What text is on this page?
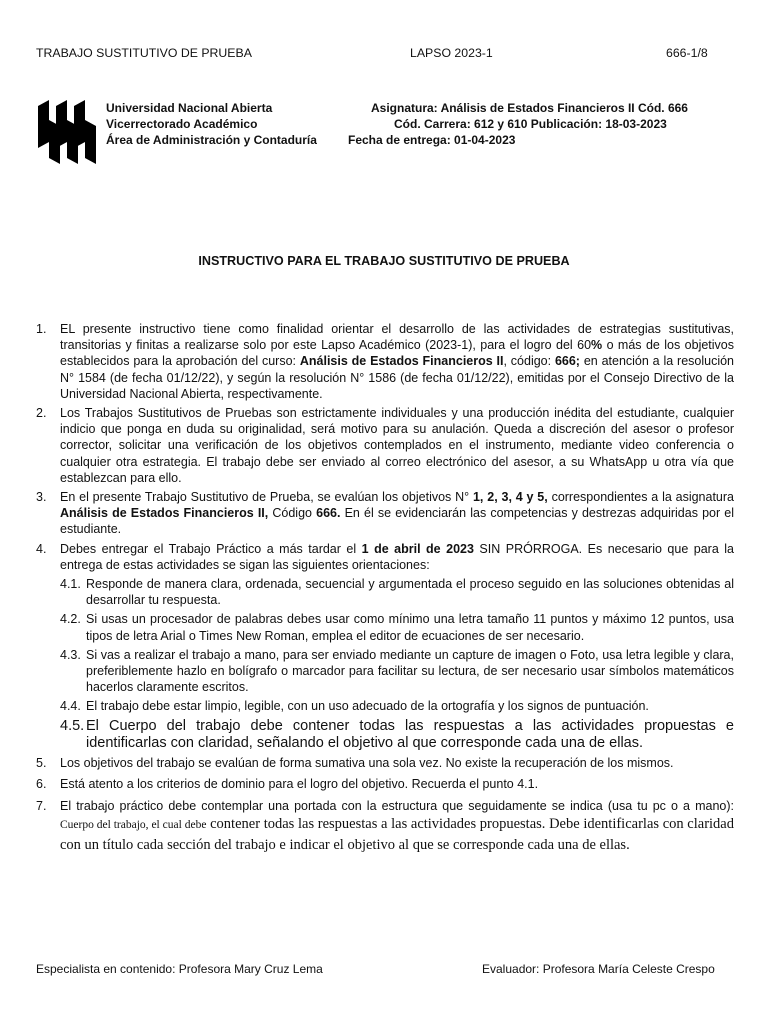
TRABAJO SUSTITUTIVO DE PRUEBA	LAPSO 2023-1	666-1/8
Universidad Nacional Abierta
Vicerrectorado Académico
Área de Administración y Contaduría
Asignatura: Análisis de Estados Financieros II Cód. 666
Cód. Carrera: 612 y 610 Publicación: 18-03-2023
Fecha de entrega: 01-04-2023
INSTRUCTIVO PARA EL TRABAJO SUSTITUTIVO DE PRUEBA
1. EL presente instructivo tiene como finalidad orientar el desarrollo de las actividades de estrategias sustitutivas, transitorias y finitas a realizarse solo por este Lapso Académico (2023-1), para el logro del 60% o más de los objetivos establecidos para la aprobación del curso: Análisis de Estados Financieros II, código: 666; en atención a la resolución N° 1584 (de fecha 01/12/22), y según la resolución N° 1586 (de fecha 01/12/22), emitidas por el Consejo Directivo de la Universidad Nacional Abierta, respectivamente.
2. Los Trabajos Sustitutivos de Pruebas son estrictamente individuales y una producción inédita del estudiante, cualquier indicio que ponga en duda su originalidad, será motivo para su anulación. Queda a discreción del asesor o profesor corrector, solicitar una verificación de los objetivos contemplados en el instrumento, mediante video conferencia o cualquier otra estrategia. El trabajo debe ser enviado al correo electrónico del asesor, a su WhatsApp u otra vía que establezcan para ello.
3. En el presente Trabajo Sustitutivo de Prueba, se evalúan los objetivos N° 1, 2, 3, 4 y 5, correspondientes a la asignatura Análisis de Estados Financieros II, Código 666. En él se evidenciarán las competencias y destrezas adquiridas por el estudiante.
4. Debes entregar el Trabajo Práctico a más tardar el 1 de abril de 2023 SIN PRÓRROGA. Es necesario que para la entrega de estas actividades se sigan las siguientes orientaciones:
4.1. Responde de manera clara, ordenada, secuencial y argumentada el proceso seguido en las soluciones obtenidas al desarrollar tu respuesta.
4.2. Si usas un procesador de palabras debes usar como mínimo una letra tamaño 11 puntos y máximo 12 puntos, usa tipos de letra Arial o Times New Roman, emplea el editor de ecuaciones de ser necesario.
4.3. Si vas a realizar el trabajo a mano, para ser enviado mediante un capture de imagen o Foto, usa letra legible y clara, preferiblemente hazlo en bolígrafo o marcador para facilitar su lectura, de ser necesario usar símbolos matemáticos hacerlos claramente escritos.
4.4. El trabajo debe estar limpio, legible, con un uso adecuado de la ortografía y los signos de puntuación.
4.5. El Cuerpo del trabajo debe contener todas las respuestas a las actividades propuestas e identificarlas con claridad, señalando el objetivo al que corresponde cada una de ellas.
5. Los objetivos del trabajo se evalúan de forma sumativa una sola vez. No existe la recuperación de los mismos.
6. Está atento a los criterios de dominio para el logro del objetivo. Recuerda el punto 4.1.
7. El trabajo práctico debe contemplar una portada con la estructura que seguidamente se indica (usa tu pc o a mano): Cuerpo del trabajo, el cual debe contener todas las respuestas a las actividades propuestas. Debe identificarlas con claridad con un título cada sección del trabajo e indicar el objetivo al que se corresponde cada una de ellas.
Especialista en contenido: Profesora Mary Cruz Lema	Evaluador: Profesora María Celeste Crespo
